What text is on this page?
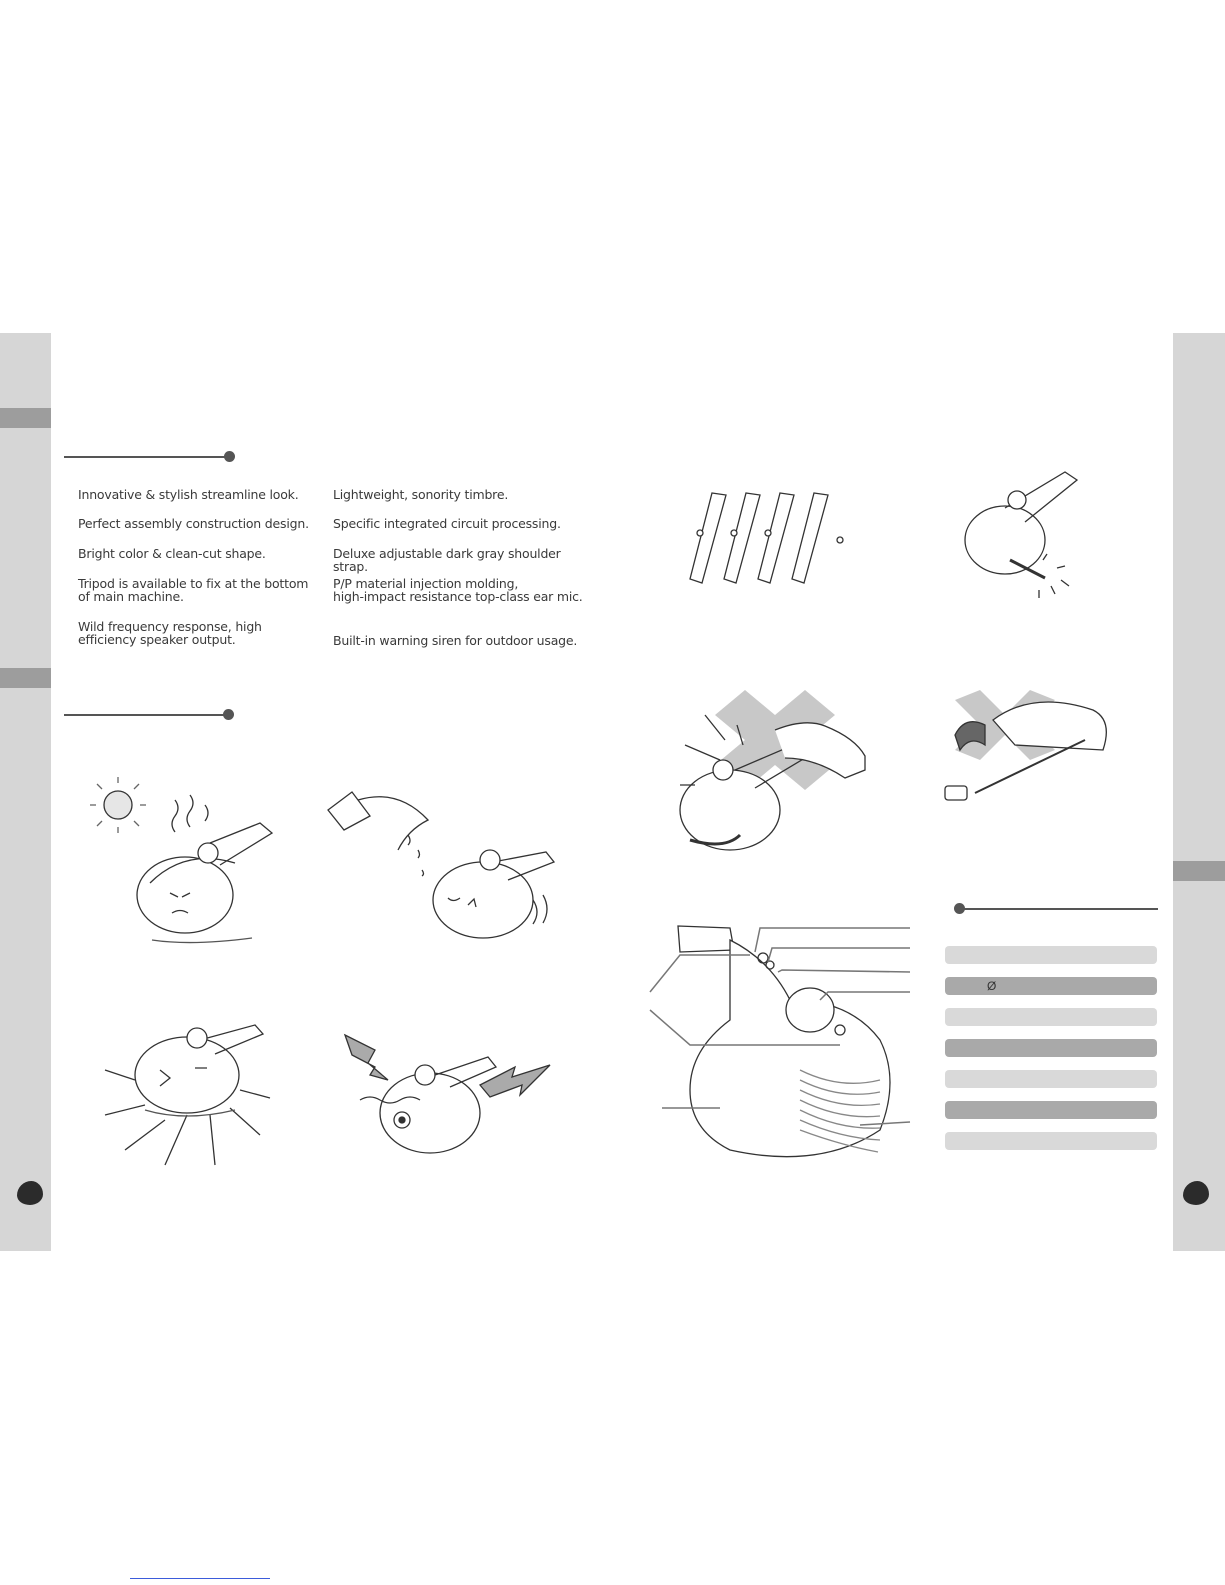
Innovative & stylish streamline look.
Perfect assembly construction design.
Bright color & clean-cut shape.
Tripod is available to fix at the bottom
of main machine.
Wild frequency response, high
efficiency speaker output.
Lightweight, sonority timbre.
Specific integrated circuit processing.
Deluxe adjustable dark gray shoulder
strap.
P/P material injection molding,
high-impact resistance top-class ear mic.
Built-in warning siren for outdoor usage.
Ø
